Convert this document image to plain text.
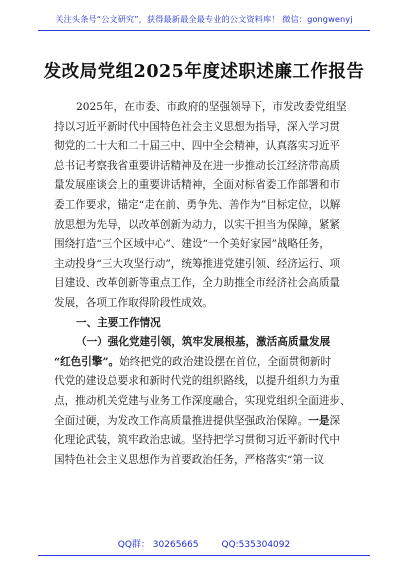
关注头条号“公文研究”，获得最新最全最专业的公文资料库！ 微信：gongwenyj
发改局党组2025年度述职述廉工作报告
2025年，在市委、市政府的坚强领导下，市发改委党组坚
持以习近平新时代中国特色社会主义思想为指导，深入学习贯
彻党的二十大和二十届三中、四中全会精神，认真落实习近平
总书记考察我省重要讲话精神及在进一步推动长江经济带高质
量发展座谈会上的重要讲话精神，全面对标省委工作部署和市
委工作要求，锚定“走在前、勇争先、善作为”目标定位，以解
放思想为先导，以改革创新为动力，以实干担当为保障，紧紧
围绕打造“三个区域中心”、建设“一个美好家园”战略任务，
主动投身“三大攻坚行动”，统筹推进党建引领、经济运行、项
目建设、改革创新等重点工作，全力助推全市经济社会高质量
发展，各项工作取得阶段性成效。
一、主要工作情况
（一）强化党建引领，筑牢发展根基，激活高质量发展
“红色引擎”。始终把党的政治建设摆在首位，全面贯彻新时
代党的建设总要求和新时代党的组织路线，以提升组织力为重
点，推动机关党建与业务工作深度融合，实现党组织全面进步、
全面过硬，为发改工作高质量推进提供坚强政治保障。一是深
化理论武装，筑牢政治忠诚。坚持把学习贯彻习近平新时代中
国特色社会主义思想作为首要政治任务，严格落实“第一议
QQ群： 30265665	QQ:535304092
